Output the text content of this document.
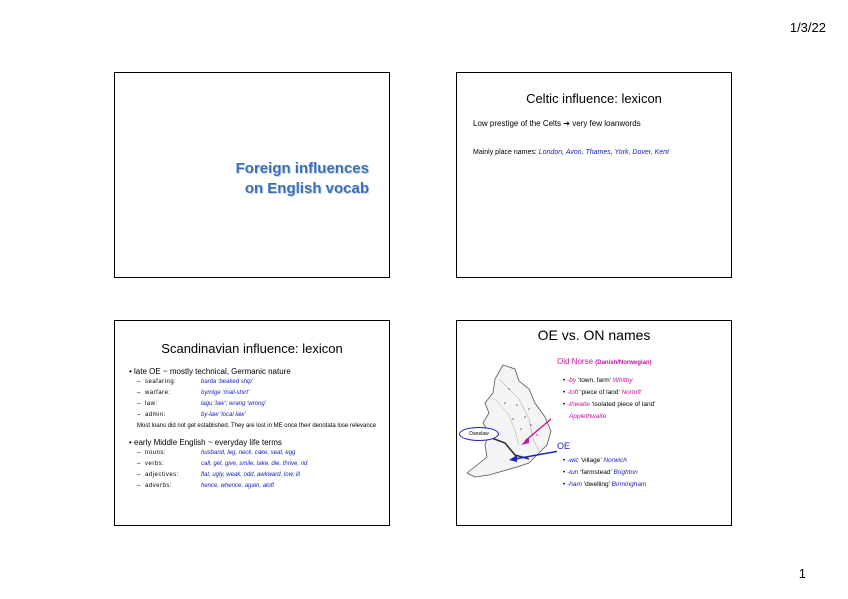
1/3/22
Foreign influences
on English vocab
Celtic influence: lexicon
Low prestige of the Celts ➔ very few loanwords
Mainly place names: London, Avon, Thames, York, Dover, Kent
Scandinavian influence: lexicon
• late OE ~ mostly technical, Germanic nature
– seafaring:	barda ‘beaked ship’
– warfare:	byrnige ‘mail-shirt’
– law:	lagu ‘law’; wrang ‘wrong’
– admin:	by-law ‘local law’
Most loans did not get established. They are lost in ME once their denotata lose relevance
• early Middle English ~ everyday life terms
– nouns:	husband, leg, neck, cake, seat, egg
– verbs:	call, get, give, smile, take, die, thrive, rid
– adjectives:	flat, ugly, weak, odd, awkward, low, ill
– adverbs:	hence, whence, again, aloft
OE vs. ON names
Danelaw
Old Norse (Danish/Norwegian)
• -by ‘town, farm’ Whitby
• -toft ‘piece of land’ Nortoft
• -thwaite ‘isolated piece of land’
Applethwaite
OE
• -wic ‘village’ Norwich
• -tun ‘farmstead’ Brighton
• -ham ‘dwelling’ Birmingham
1
